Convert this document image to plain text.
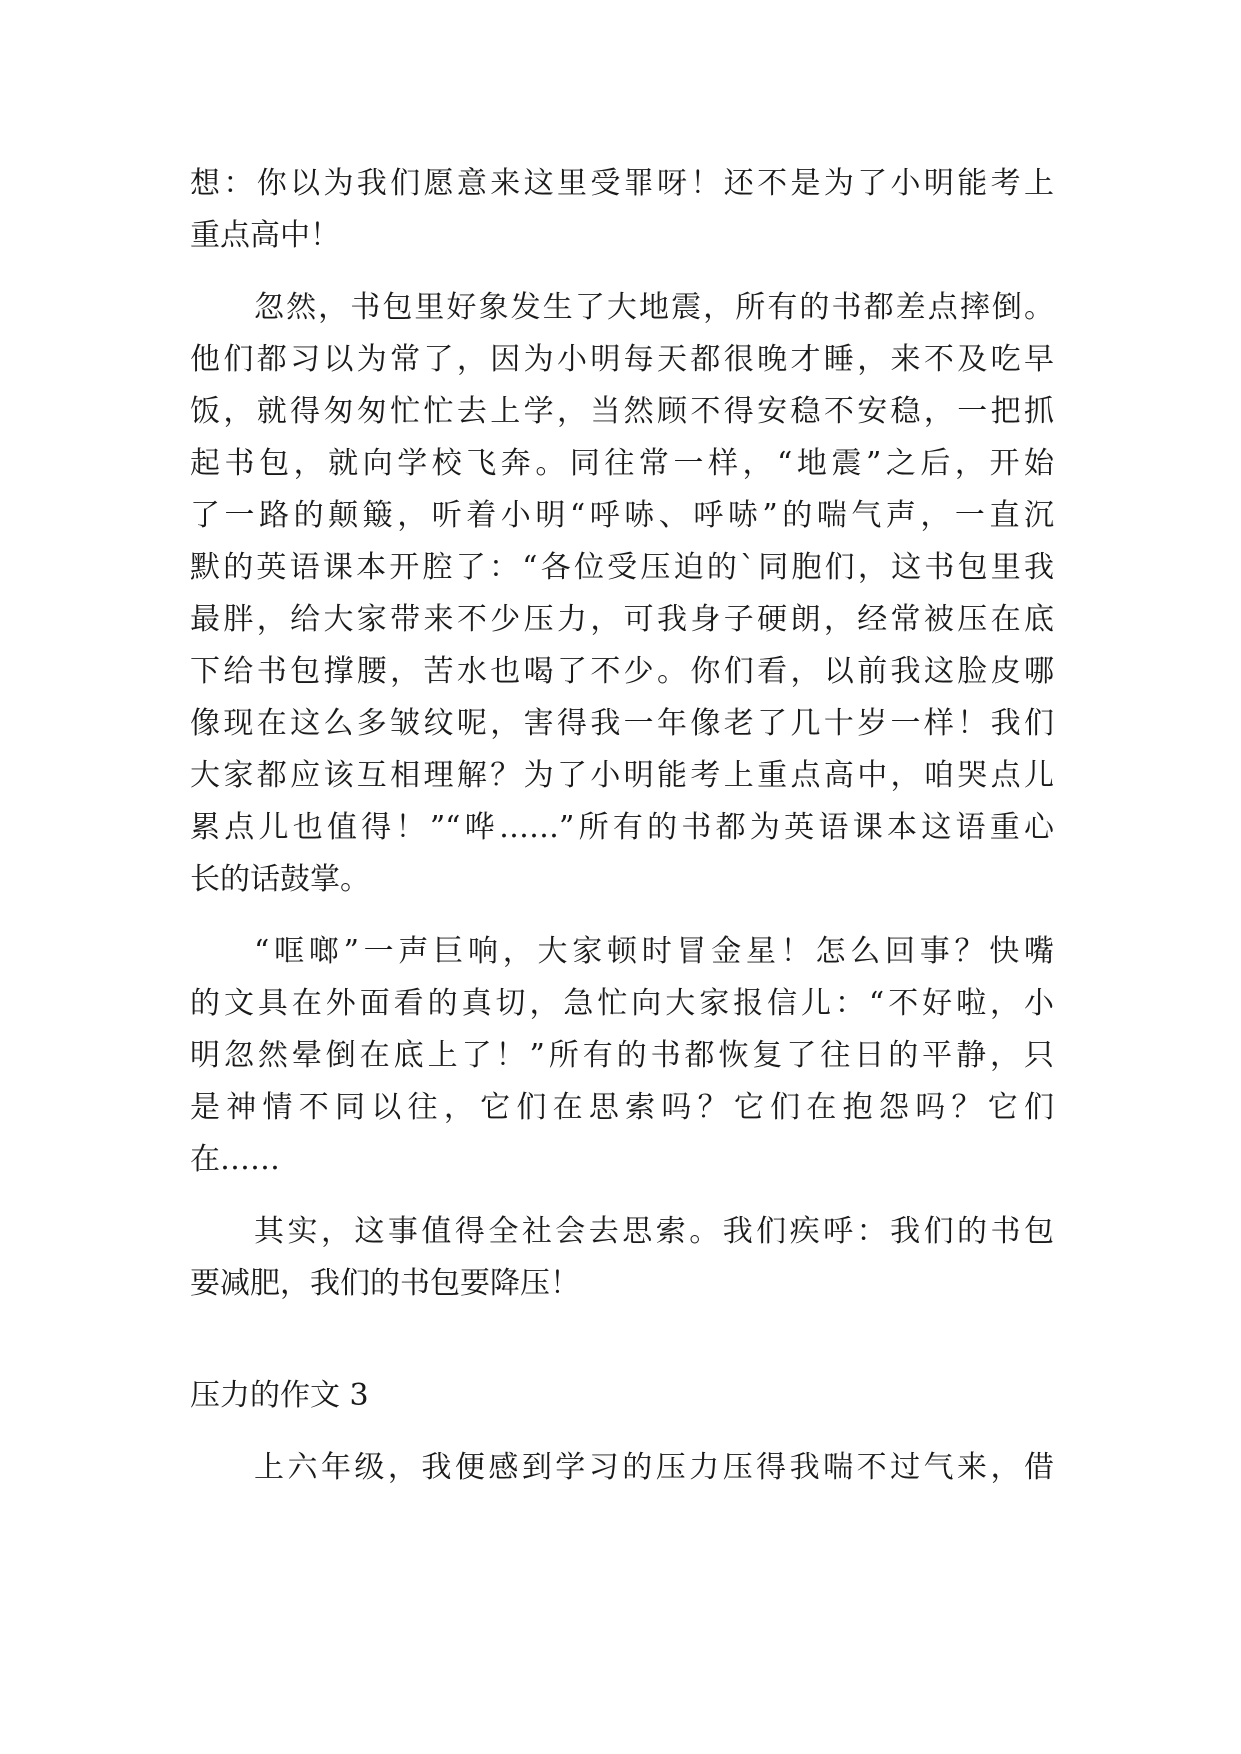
想：你以为我们愿意来这里受罪呀！还不是为了小明能考上
重点高中！
忽然，书包里好象发生了大地震，所有的书都差点摔倒。
他们都习以为常了，因为小明每天都很晚才睡，来不及吃早
饭，就得匆匆忙忙去上学，当然顾不得安稳不安稳，一把抓
起书包，就向学校飞奔。同往常一样，“地震”之后，开始
了一路的颠簸，听着小明“呼哧、呼哧”的喘气声，一直沉
默的英语课本开腔了：“各位受压迫的`同胞们，这书包里我
最胖，给大家带来不少压力，可我身子硬朗，经常被压在底
下给书包撑腰，苦水也喝了不少。你们看，以前我这脸皮哪
像现在这么多皱纹呢，害得我一年像老了几十岁一样！我们
大家都应该互相理解？为了小明能考上重点高中，咱哭点儿
累点儿也值得！”“哗……”所有的书都为英语课本这语重心
长的话鼓掌。
“哐啷”一声巨响，大家顿时冒金星！怎么回事？快嘴
的文具在外面看的真切，急忙向大家报信儿：“不好啦，小
明忽然晕倒在底上了！”所有的书都恢复了往日的平静，只
是神情不同以往，它们在思索吗？它们在抱怨吗？它们
在……
其实，这事值得全社会去思索。我们疾呼：我们的书包
要减肥，我们的书包要降压！
压力的作文 3
上六年级，我便感到学习的压力压得我喘不过气来，借
